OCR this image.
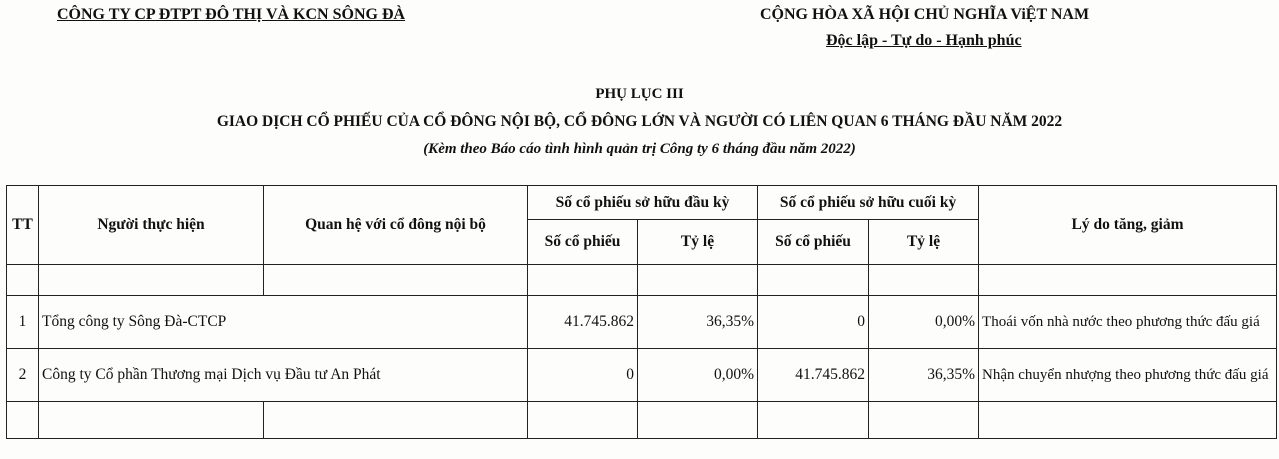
CÔNG TY CP ĐTPT ĐÔ THỊ VÀ KCN SÔNG ĐÀ	CỘNG HÒA XÃ HỘI CHỦ NGHĨA ViỆT NAM
Độc lập - Tự do - Hạnh phúc
PHỤ LỤC III
GIAO DỊCH CỔ PHIẾU CỦA CỔ ĐÔNG NỘI BỘ, CỔ ĐÔNG LỚN VÀ NGƯỜI CÓ LIÊN QUAN 6 THÁNG ĐẦU NĂM 2022
(Kèm theo Báo cáo tình hình quản trị Công ty 6 tháng đầu năm 2022)
TT	Người thực hiện	Quan hệ với cổ đông nội bộ	Số cổ phiếu sở hữu đầu kỳ		Số cổ phiếu sở hữu cuối kỳ		Lý do tăng, giảm
			Số cổ phiếu	Tỷ lệ	Số cổ phiếu	Tỷ lệ	

1	Tổng công ty Sông Đà-CTCP		41.745.862	36,35%	0	0,00%	Thoái vốn nhà nước theo phương thức đấu giá
2	Công ty Cổ phần Thương mại Dịch vụ Đầu tư An Phát		0	0,00%	41.745.862	36,35%	Nhận chuyển nhượng theo phương thức đấu giá
